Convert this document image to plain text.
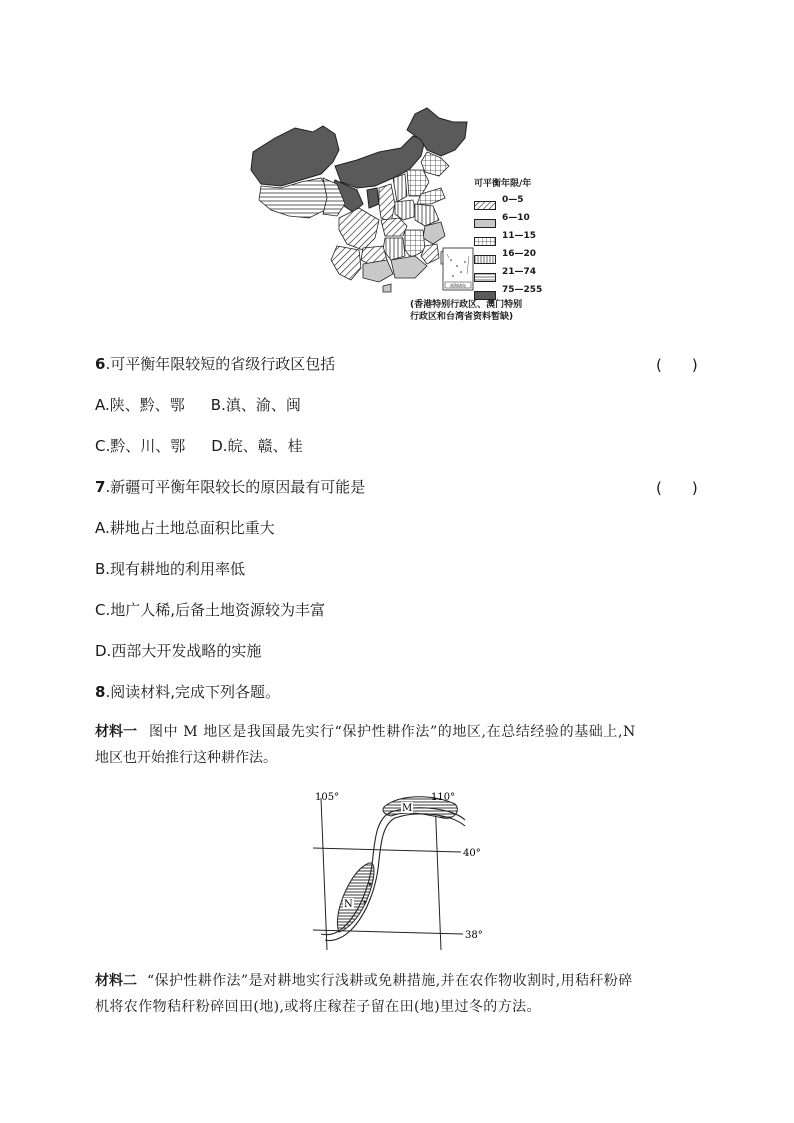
南海诸岛
可平衡年限/年
0—5
6—10
11—15
16—20
21—74
75—255
(香港特别行政区、澳门特别
行政区和台湾省资料暂缺)
6.可平衡年限较短的省级行政区包括	(　　)
A.陕、黔、鄂 B.滇、渝、闽
C.黔、川、鄂 D.皖、赣、桂
7.新疆可平衡年限较长的原因最有可能是	(　　)
A.耕地占土地总面积比重大
B.现有耕地的利用率低
C.地广人稀,后备土地资源较为丰富
D.西部大开发战略的实施
8.阅读材料,完成下列各题。
材料一 图中 M 地区是我国最先实行“保护性耕作法”的地区,在总结经验的基础上,N
地区也开始推行这种耕作法。
105°	110°
40°
38°
M
N
材料二 “保护性耕作法”是对耕地实行浅耕或免耕措施,并在农作物收割时,用秸秆粉碎
机将农作物秸秆粉碎回田(地),或将庄稼茬子留在田(地)里过冬的方法。
